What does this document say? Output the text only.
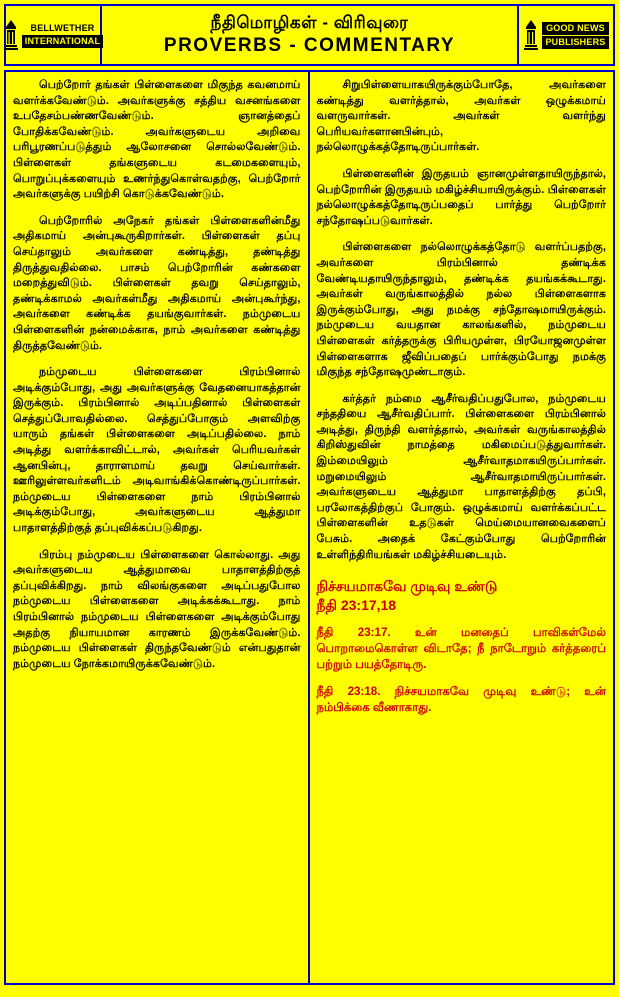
BELLWETHER
INTERNATIONAL
நீதிமொழிகள் - விரிவுரை
PROVERBS - COMMENTARY
GOOD NEWS
PUBLISHERS

பெற்றோர் தங்கள் பிள்ளைகளை மிகுந்த கவனமாய் வளர்க்கவேண்டும். அவர்களுக்கு சத்திய வசனங்களை உபதேசம்பண்ணவேண்டும். ஞானத்தைப் போதிக்கவேண்டும். அவர்களுடைய அறிவை பரிபூரணப்படுத்தும் ஆலோசனை சொல்லவேண்டும். பிள்ளைகள் தங்களுடைய கடமைகளையும், பொறுப்புக்களையும் உணர்ந்துகொள்வதற்கு, பெற்றோர் அவர்களுக்கு பயிற்சி கொடுக்கவேண்டும்.

பெற்றோரில் அநேகர் தங்கள் பிள்ளைகளின்மீது அதிகமாய் அன்புகூருகிறார்கள். பிள்ளைகள் தப்பு செய்தாலும் அவர்களை கண்டித்து, தண்டித்து திருத்துவதில்லை. பாசம் பெற்றோரின் கண்களை மறைத்துவிடும். பிள்ளைகள் தவறு செய்தாலும், தண்டிக்காமல் அவர்கள்மீது அதிகமாய் அன்புகூர்ந்து, அவர்களை கண்டிக்க தயங்குவார்கள். நம்முடைய பிள்ளைகளின் நன்மைக்காக, நாம் அவர்களை கண்டித்து திருத்தவேண்டும்.

நம்முடைய பிள்ளைகளை பிரம்பினால் அடிக்கும்போது, அது அவர்களுக்கு வேதனையாகத்தான் இருக்கும். பிரம்பினால் அடிப்பதினால் பிள்ளைகள் செத்துப்போவதில்லை. செத்துப்போகும் அளவிற்கு யாரும் தங்கள் பிள்ளைகளை அடிப்பதில்லை. நாம் அடித்து வளர்க்காவிட்டால், அவர்கள் பெரியவர்கள் ஆனபின்பு, தாராளமாய் தவறு செய்வார்கள். ஊரிலுள்ளவர்களிடம் அடிவாங்கிக்கொண்டிருப்பார்கள். நம்முடைய பிள்ளைகளை நாம் பிரம்பினால் அடிக்கும்போது, அவர்களுடைய ஆத்துமா பாதாளத்திற்குத் தப்புவிக்கப்படுகிறது.

பிரம்பு நம்முடைய பிள்ளைகளை கொல்லாது. அது அவர்களுடைய ஆத்துமாவை பாதாளத்திற்குத் தப்புவிக்கிறது. நாம் விலங்குகளை அடிப்பதுபோல நம்முடைய பிள்ளைகளை அடிக்கக்கூடாது. நாம் பிரம்பினால் நம்முடைய பிள்ளைகளை அடிக்கும்போது அதற்கு நியாயமான காரணம் இருக்கவேண்டும். நம்முடைய பிள்ளைகள் திருந்தவேண்டும் என்பதுதான் நம்முடைய நோக்கமாயிருக்கவேண்டும்.

சிறுபிள்ளையாகயிருக்கும்போதே, அவர்களை கண்டித்து வளர்த்தால், அவர்கள் ஒழுக்கமாய் வளருவார்கள். அவர்கள் வளர்ந்து பெரியவர்களானபின்பும், நல்லொழுக்கத்தோடிருப்பார்கள்.

பிள்ளைகளின் இருதயம் ஞானமுள்ளதாயிருந்தால், பெற்றோரின் இருதயம் மகிழ்ச்சியாயிருக்கும். பிள்ளைகள் நல்லொழுக்கத்தோடிருப்பதைப் பார்த்து பெற்றோர் சந்தோஷப்படுவார்கள்.

பிள்ளைகளை நல்லொழுக்கத்தோடு வளர்ப்பதற்கு, அவர்களை பிரம்பினால் தண்டிக்க வேண்டியதாயிருந்தாலும், தண்டிக்க தயங்கக்கூடாது. அவர்கள் வருங்காலத்தில் நல்ல பிள்ளைகளாக இருக்கும்போது, அது நமக்கு சந்தோஷமாயிருக்கும். நம்முடைய வயதான காலங்களில், நம்முடைய பிள்ளைகள் கர்த்தருக்கு பிரியமுள்ள, பிரயோஜனமுள்ள பிள்ளைகளாக ஜீவிப்பதைப் பார்க்கும்போது நமக்கு மிகுந்த சந்தோஷமுண்டாகும்.

கர்த்தர் நம்மை ஆசீர்வதிப்பதுபோல, நம்முடைய சந்ததியை ஆசீர்வதிப்பார். பிள்ளைகளை பிரம்பினால் அடித்து, திருந்தி வளர்த்தால், அவர்கள் வருங்காலத்தில் கிறிஸ்துவின் நாமத்தை மகிமைப்படுத்துவார்கள். இம்மையிலும் ஆசீர்வாதமாகயிருப்பார்கள். மறுமையிலும் ஆசீர்வாதமாயிருப்பார்கள். அவர்களுடைய ஆத்துமா பாதாளத்திற்கு தப்பி, பரலோகத்திற்குப் போகும். ஒழுக்கமாய் வளர்க்கப்பட்ட பிள்ளைகளின் உதடுகள் மெய்மையானவைகளைப் பேசும். அதைக் கேட்கும்போது பெற்றோரின் உள்ளிந்திரியங்கள் மகிழ்ச்சியடையும்.

நிச்சயமாகவே முடிவு உண்டு
நீதி 23:17,18

நீதி 23:17. உன் மனதைப் பாவிகள்மேல் பொறாமைகொள்ள விடாதே; நீ நாடோறும் கர்த்தரைப் பற்றும் பயத்தோடிரு.

நீதி 23:18. நிச்சயமாகவே முடிவு உண்டு; உன் நம்பிக்கை வீணாகாது.
